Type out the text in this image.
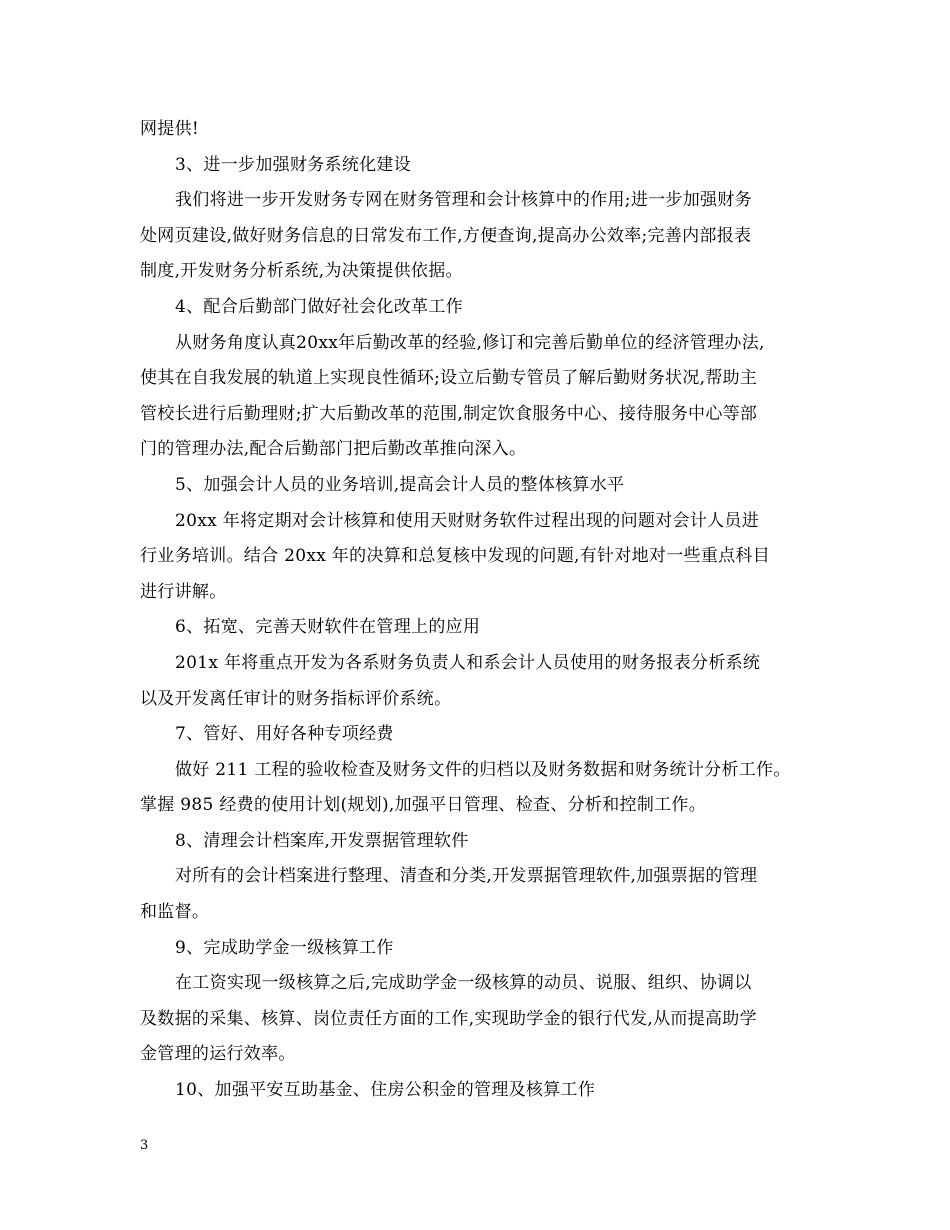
网提供!
3、进一步加强财务系统化建设
我们将进一步开发财务专网在财务管理和会计核算中的作用;进一步加强财务
处网页建设,做好财务信息的日常发布工作,方便查询,提高办公效率;完善内部报表
制度,开发财务分析系统,为决策提供依据。
4、配合后勤部门做好社会化改革工作
从财务角度认真20xx年后勤改革的经验,修订和完善后勤单位的经济管理办法,
使其在自我发展的轨道上实现良性循环;设立后勤专管员了解后勤财务状况,帮助主
管校长进行后勤理财;扩大后勤改革的范围,制定饮食服务中心、接待服务中心等部
门的管理办法,配合后勤部门把后勤改革推向深入。
5、加强会计人员的业务培训,提高会计人员的整体核算水平
20xx 年将定期对会计核算和使用天财财务软件过程出现的问题对会计人员进
行业务培训。结合 20xx 年的决算和总复核中发现的问题,有针对地对一些重点科目
进行讲解。
6、拓宽、完善天财软件在管理上的应用
201x 年将重点开发为各系财务负责人和系会计人员使用的财务报表分析系统
以及开发离任审计的财务指标评价系统。
7、管好、用好各种专项经费
做好 211 工程的验收检查及财务文件的归档以及财务数据和财务统计分析工作。
掌握 985 经费的使用计划(规划),加强平日管理、检查、分析和控制工作。
8、清理会计档案库,开发票据管理软件
对所有的会计档案进行整理、清查和分类,开发票据管理软件,加强票据的管理
和监督。
9、完成助学金一级核算工作
在工资实现一级核算之后,完成助学金一级核算的动员、说服、组织、协调以
及数据的采集、核算、岗位责任方面的工作,实现助学金的银行代发,从而提高助学
金管理的运行效率。
10、加强平安互助基金、住房公积金的管理及核算工作
3
